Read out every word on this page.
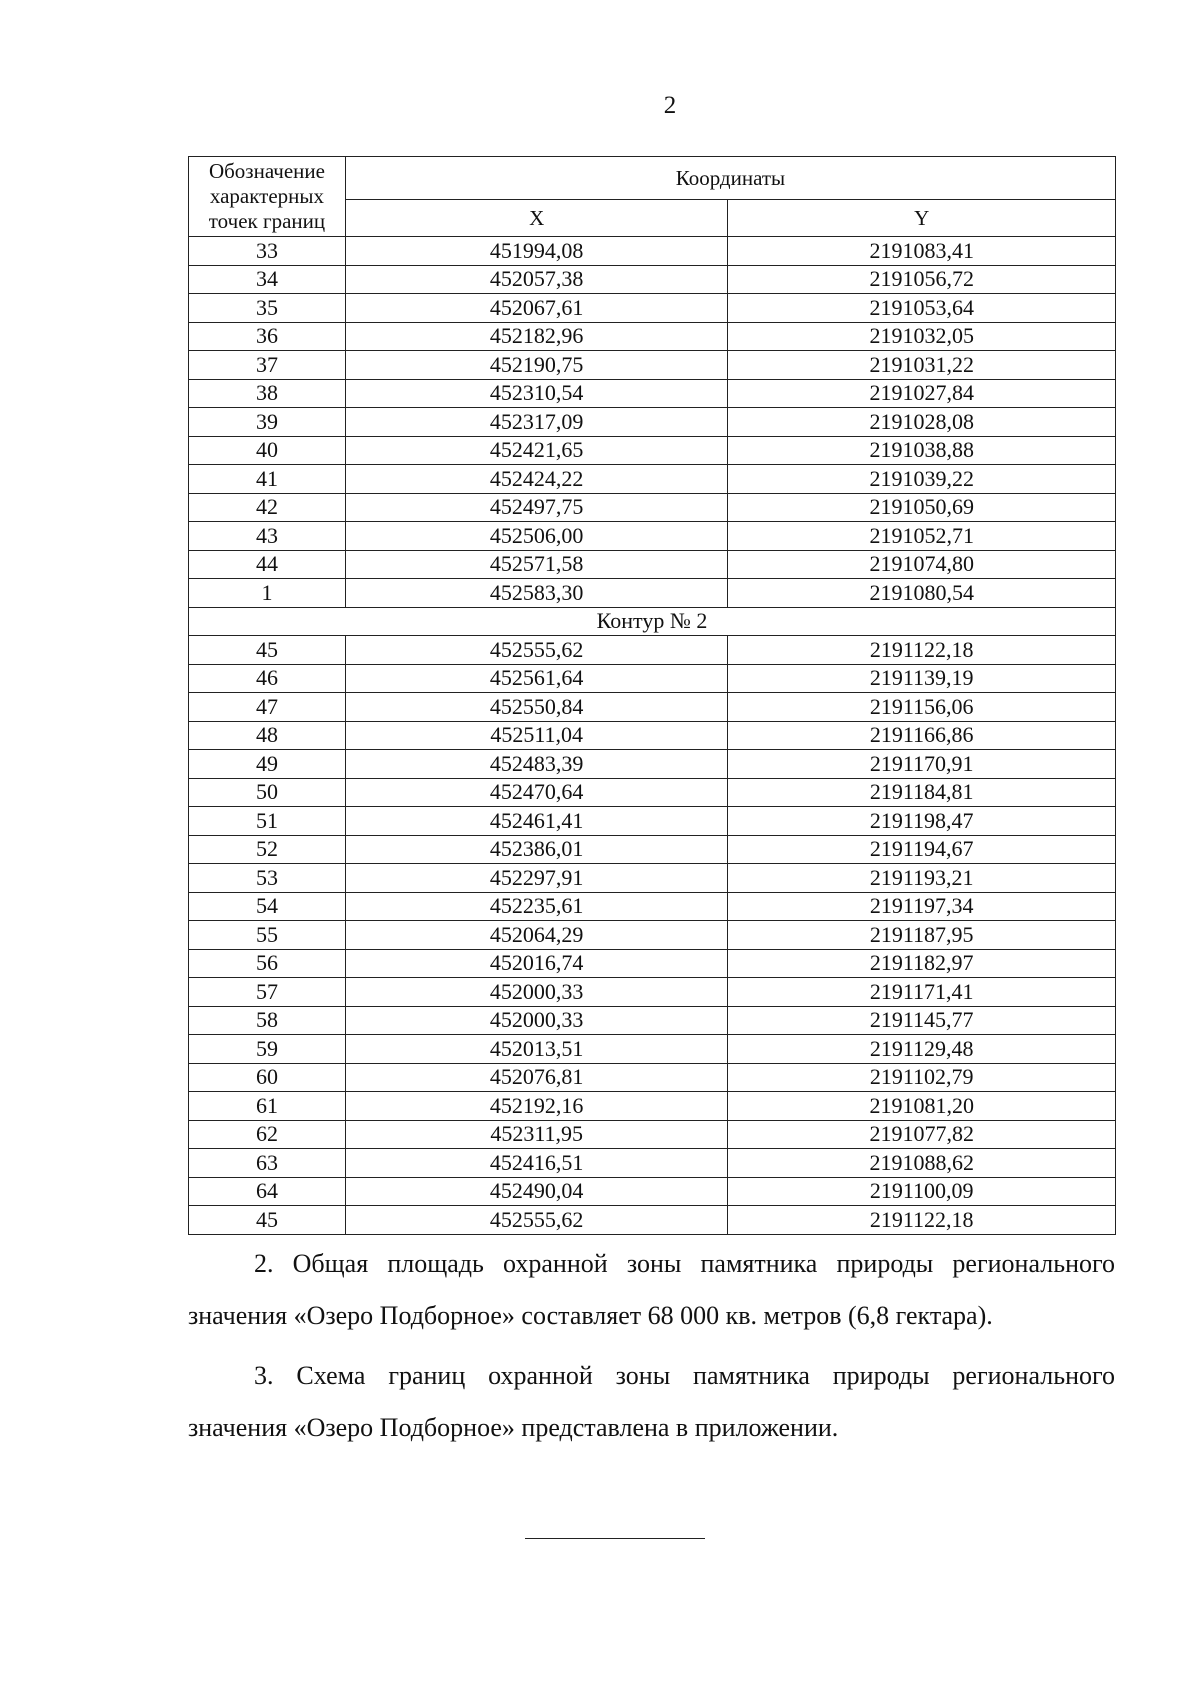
2
Обозначение характерных точек границ	Координаты	
	X	Y
33	451994,08	2191083,41
34	452057,38	2191056,72
35	452067,61	2191053,64
36	452182,96	2191032,05
37	452190,75	2191031,22
38	452310,54	2191027,84
39	452317,09	2191028,08
40	452421,65	2191038,88
41	452424,22	2191039,22
42	452497,75	2191050,69
43	452506,00	2191052,71
44	452571,58	2191074,80
1	452583,30	2191080,54
Контур № 2		
45	452555,62	2191122,18
46	452561,64	2191139,19
47	452550,84	2191156,06
48	452511,04	2191166,86
49	452483,39	2191170,91
50	452470,64	2191184,81
51	452461,41	2191198,47
52	452386,01	2191194,67
53	452297,91	2191193,21
54	452235,61	2191197,34
55	452064,29	2191187,95
56	452016,74	2191182,97
57	452000,33	2191171,41
58	452000,33	2191145,77
59	452013,51	2191129,48
60	452076,81	2191102,79
61	452192,16	2191081,20
62	452311,95	2191077,82
63	452416,51	2191088,62
64	452490,04	2191100,09
45	452555,62	2191122,18
2. Общая площадь охранной зоны памятника природы регионального
значения «Озеро Подборное» составляет 68 000 кв. метров (6,8 гектара).
3. Схема границ охранной зоны памятника природы регионального
значения «Озеро Подборное» представлена в приложении.
